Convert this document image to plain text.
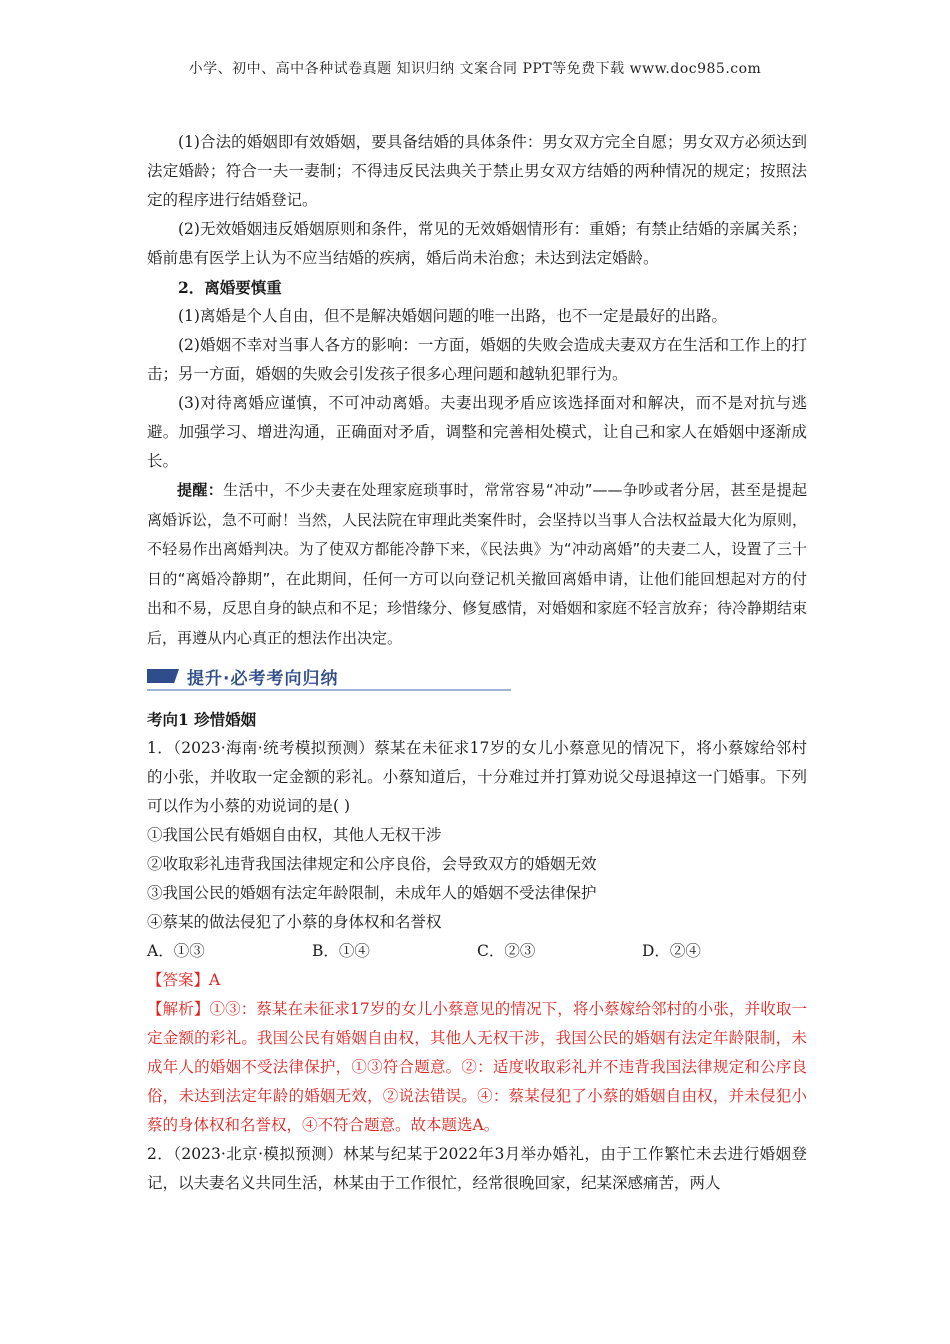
小学、初中、高中各种试卷真题 知识归纳 文案合同 PPT等免费下载 www.doc985.com

(1)合法的婚姻即有效婚姻，要具备结婚的具体条件：男女双方完全自愿；男女双方必须达到法定婚龄；符合一夫一妻制；不得违反民法典关于禁止男女双方结婚的两种情况的规定；按照法定的程序进行结婚登记。

(2)无效婚姻违反婚姻原则和条件，常见的无效婚姻情形有：重婚；有禁止结婚的亲属关系；婚前患有医学上认为不应当结婚的疾病，婚后尚未治愈；未达到法定婚龄。

2．离婚要慎重

(1)离婚是个人自由，但不是解决婚姻问题的唯一出路，也不一定是最好的出路。

(2)婚姻不幸对当事人各方的影响：一方面，婚姻的失败会造成夫妻双方在生活和工作上的打击；另一方面，婚姻的失败会引发孩子很多心理问题和越轨犯罪行为。

(3)对待离婚应谨慎，不可冲动离婚。夫妻出现矛盾应该选择面对和解决，而不是对抗与逃避。加强学习、增进沟通，正确面对矛盾，调整和完善相处模式，让自己和家人在婚姻中逐渐成长。

提醒：生活中，不少夫妻在处理家庭琐事时，常常容易“冲动”——争吵或者分居，甚至是提起离婚诉讼，急不可耐！当然，人民法院在审理此类案件时，会坚持以当事人合法权益最大化为原则，不轻易作出离婚判决。为了使双方都能冷静下来，《民法典》为“冲动离婚”的夫妻二人，设置了三十日的“离婚冷静期”，在此期间，任何一方可以向登记机关撤回离婚申请，让他们能回想起对方的付出和不易，反思自身的缺点和不足；珍惜缘分、修复感情，对婚姻和家庭不轻言放弃；待冷静期结束后，再遵从内心真正的想法作出决定。

提升·必考考向归纳

考向1 珍惜婚姻

1．（2023·海南·统考模拟预测）蔡某在未征求17岁的女儿小蔡意见的情况下，将小蔡嫁给邻村的小张，并收取一定金额的彩礼。小蔡知道后，十分难过并打算劝说父母退掉这一门婚事。下列可以作为小蔡的劝说词的是( )

①我国公民有婚姻自由权，其他人无权干涉

②收取彩礼违背我国法律规定和公序良俗，会导致双方的婚姻无效

③我国公民的婚姻有法定年龄限制，未成年人的婚姻不受法律保护

④蔡某的做法侵犯了小蔡的身体权和名誉权

A．①③	B．①④	C．②③	D．②④

【答案】A

【解析】①③：蔡某在未征求17岁的女儿小蔡意见的情况下，将小蔡嫁给邻村的小张，并收取一定金额的彩礼。我国公民有婚姻自由权，其他人无权干涉，我国公民的婚姻有法定年龄限制，未成年人的婚姻不受法律保护，①③符合题意。②：适度收取彩礼并不违背我国法律规定和公序良俗，未达到法定年龄的婚姻无效，②说法错误。④：蔡某侵犯了小蔡的婚姻自由权，并未侵犯小蔡的身体权和名誉权，④不符合题意。故本题选A。

2．（2023·北京·模拟预测）林某与纪某于2022年3月举办婚礼，由于工作繁忙未去进行婚姻登记，以夫妻名义共同生活，林某由于工作很忙，经常很晚回家，纪某深感痛苦，两人
